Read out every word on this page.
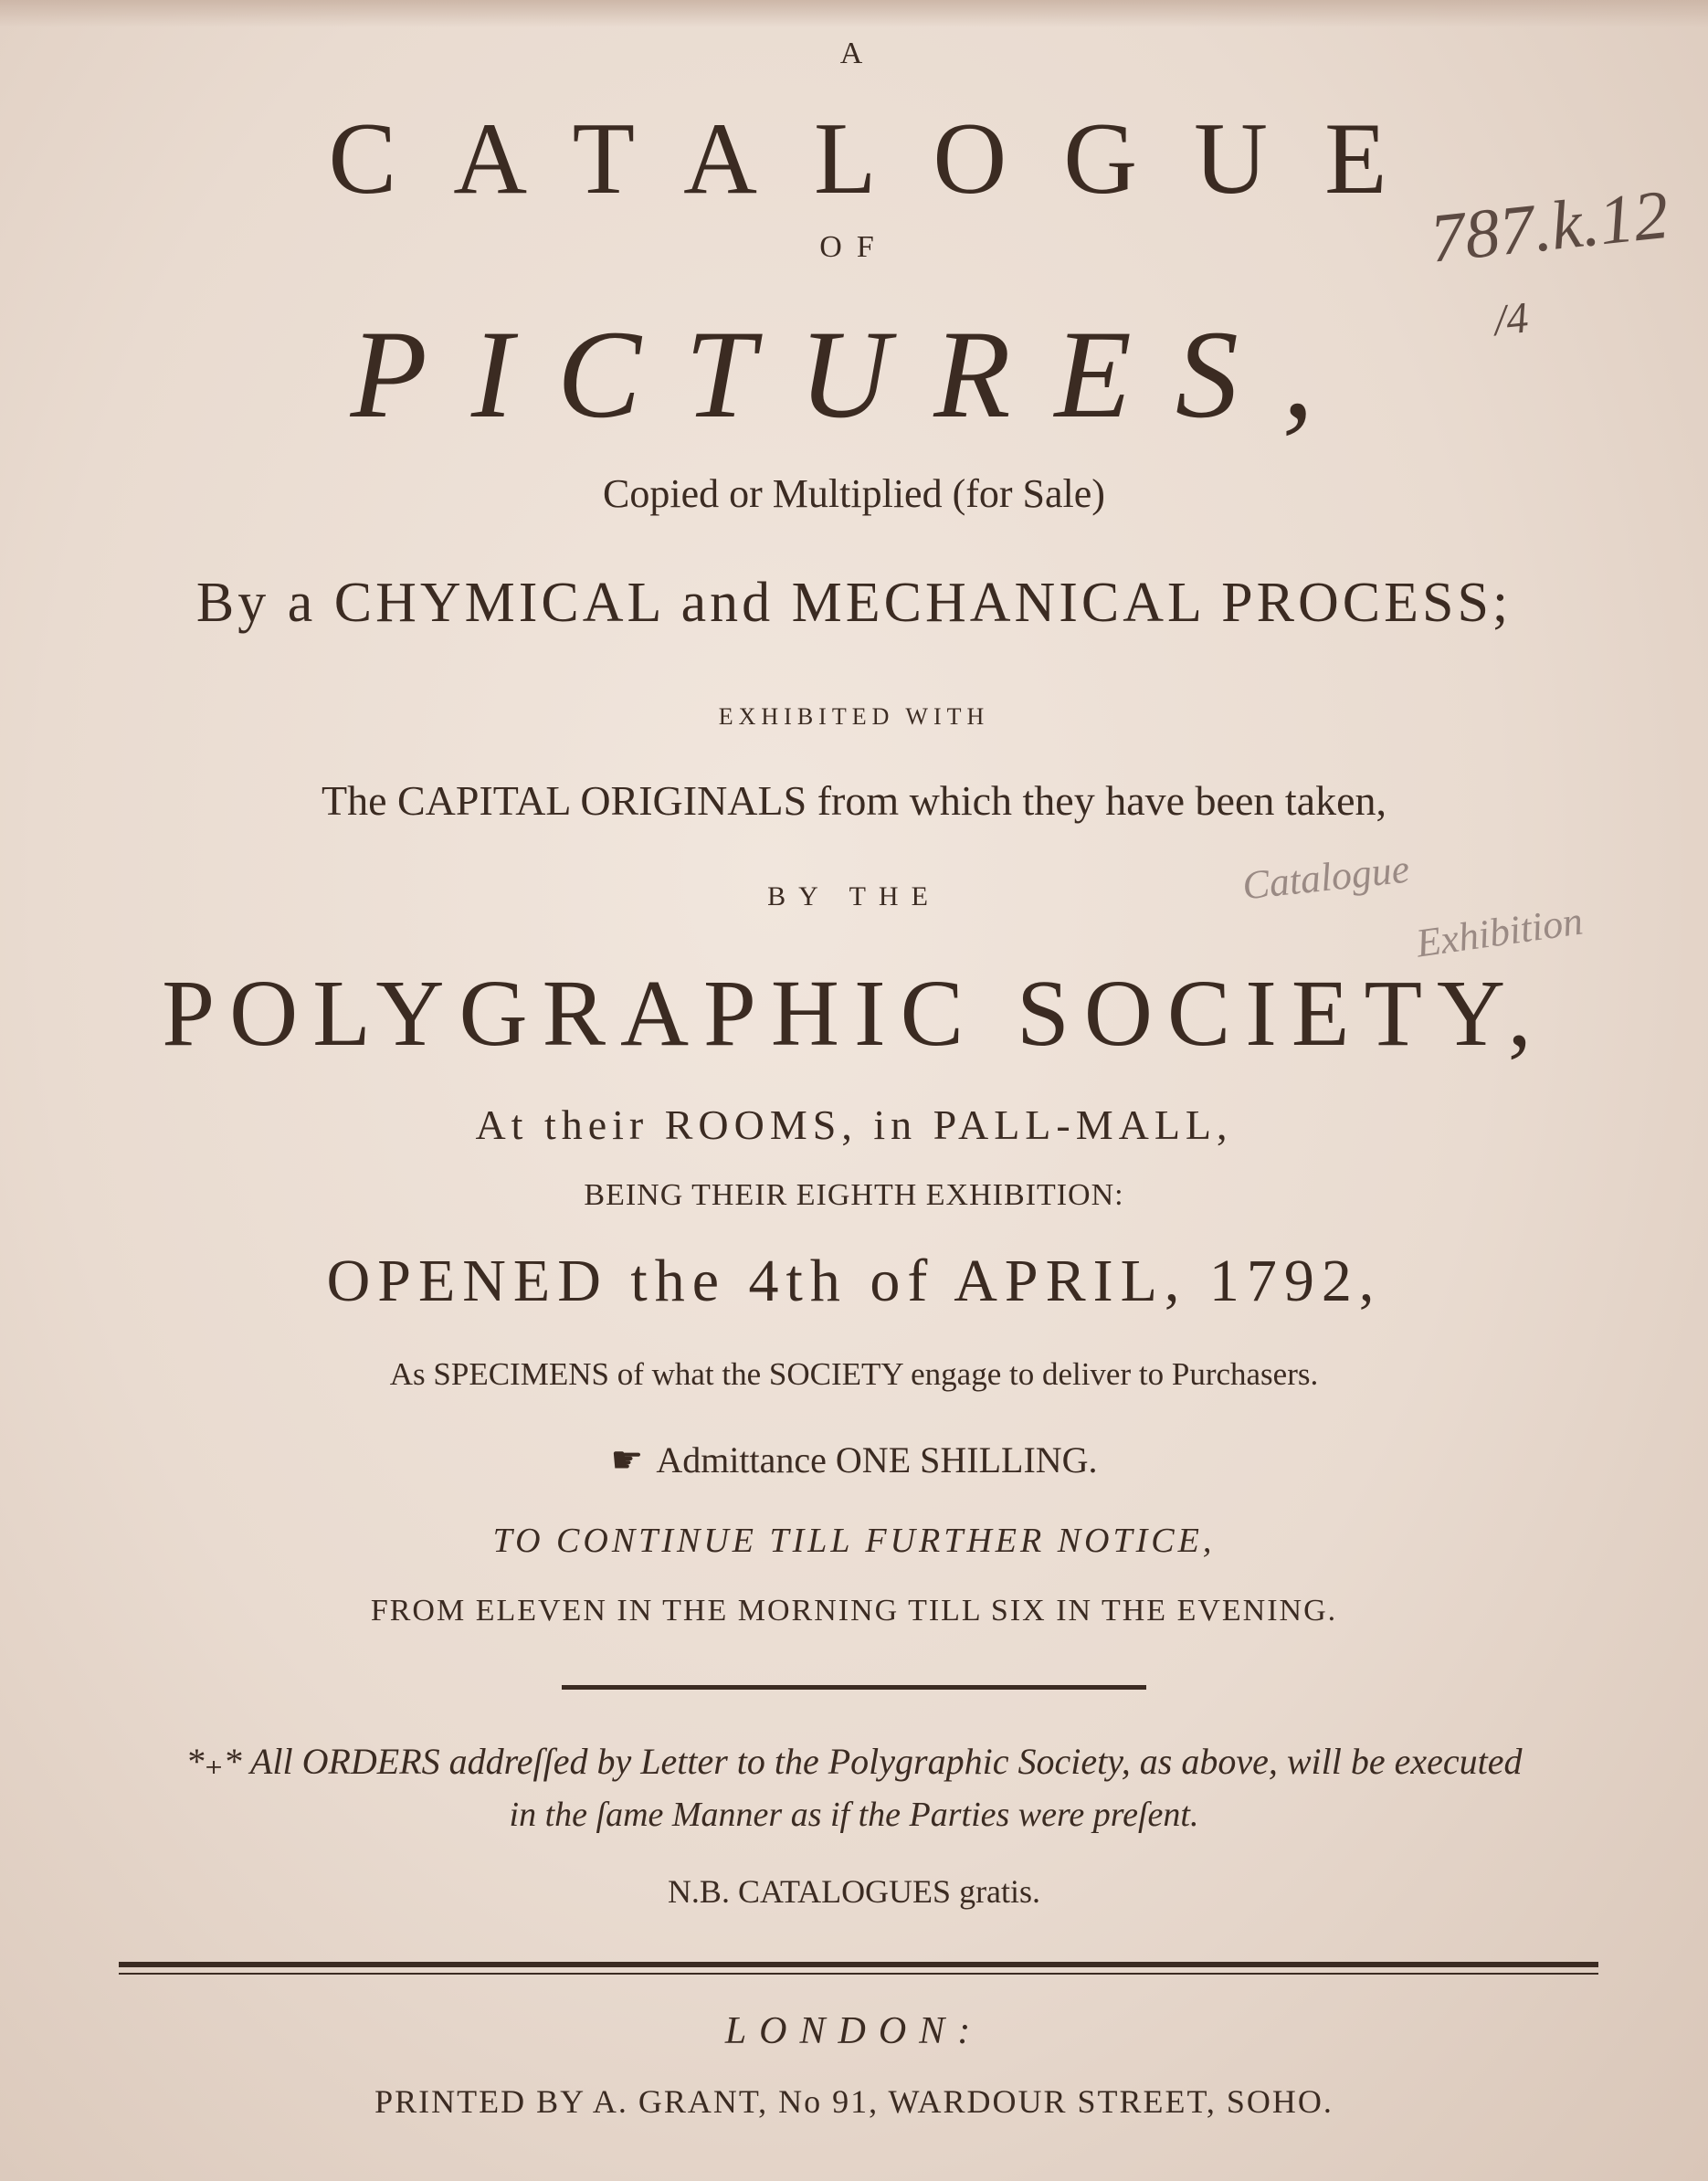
A
CATALOGUE
OF
PICTURES,
Copied or Multiplied (for Sale)
By a CHYMICAL and MECHANICAL PROCESS;
EXHIBITED WITH
The CAPITAL ORIGINALS from which they have been taken,
BY THE
POLYGRAPHIC SOCIETY,
At their ROOMS, in PALL-MALL,
BEING THEIR EIGHTH EXHIBITION:
OPENED the 4th of APRIL, 1792,
As SPECIMENS of what the SOCIETY engage to deliver to Purchasers.
☛ Admittance ONE SHILLING.
TO CONTINUE TILL FURTHER NOTICE,
FROM ELEVEN IN THE MORNING TILL SIX IN THE EVENING.
*₊* All ORDERS addreſſed by Letter to the Polygraphic Society, as above, will be executed
in the ſame Manner as if the Parties were preſent.
N.B. CATALOGUES gratis.
LONDON:
PRINTED BY A. GRANT, No 91, WARDOUR STREET, SOHO.
787.k.12
/4
Catalogue
Exhibition
